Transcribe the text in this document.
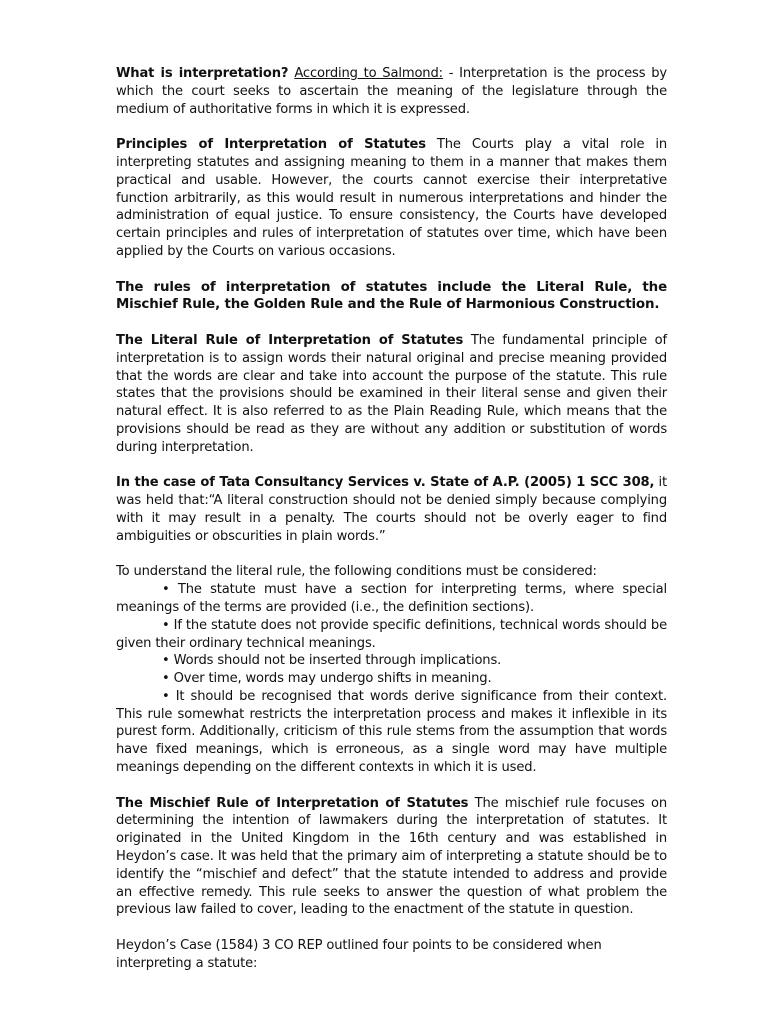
What is interpretation? According to Salmond: - Interpretation is the process by which the court seeks to ascertain the meaning of the legislature through the medium of authoritative forms in which it is expressed.

Principles of Interpretation of Statutes The Courts play a vital role in interpreting statutes and assigning meaning to them in a manner that makes them practical and usable. However, the courts cannot exercise their interpretative function arbitrarily, as this would result in numerous interpretations and hinder the administration of equal justice. To ensure consistency, the Courts have developed certain principles and rules of interpretation of statutes over time, which have been applied by the Courts on various occasions.

The rules of interpretation of statutes include the Literal Rule, the Mischief Rule, the Golden Rule and the Rule of Harmonious Construction.

The Literal Rule of Interpretation of Statutes The fundamental principle of interpretation is to assign words their natural original and precise meaning provided that the words are clear and take into account the purpose of the statute. This rule states that the provisions should be examined in their literal sense and given their natural effect. It is also referred to as the Plain Reading Rule, which means that the provisions should be read as they are without any addition or substitution of words during interpretation.

In the case of Tata Consultancy Services v. State of A.P. (2005) 1 SCC 308, it was held that:“A literal construction should not be denied simply because complying with it may result in a penalty. The courts should not be overly eager to find ambiguities or obscurities in plain words.”

To understand the literal rule, the following conditions must be considered:

• The statute must have a section for interpreting terms, where special meanings of the terms are provided (i.e., the definition sections).

• If the statute does not provide specific definitions, technical words should be given their ordinary technical meanings.

• Words should not be inserted through implications.

• Over time, words may undergo shifts in meaning.

• It should be recognised that words derive significance from their context. This rule somewhat restricts the interpretation process and makes it inflexible in its purest form. Additionally, criticism of this rule stems from the assumption that words have fixed meanings, which is erroneous, as a single word may have multiple meanings depending on the different contexts in which it is used.

The Mischief Rule of Interpretation of Statutes The mischief rule focuses on determining the intention of lawmakers during the interpretation of statutes. It originated in the United Kingdom in the 16th century and was established in Heydon’s case. It was held that the primary aim of interpreting a statute should be to identify the “mischief and defect” that the statute intended to address and provide an effective remedy. This rule seeks to answer the question of what problem the previous law failed to cover, leading to the enactment of the statute in question.

Heydon’s Case (1584) 3 CO REP outlined four points to be considered when interpreting a statute:
